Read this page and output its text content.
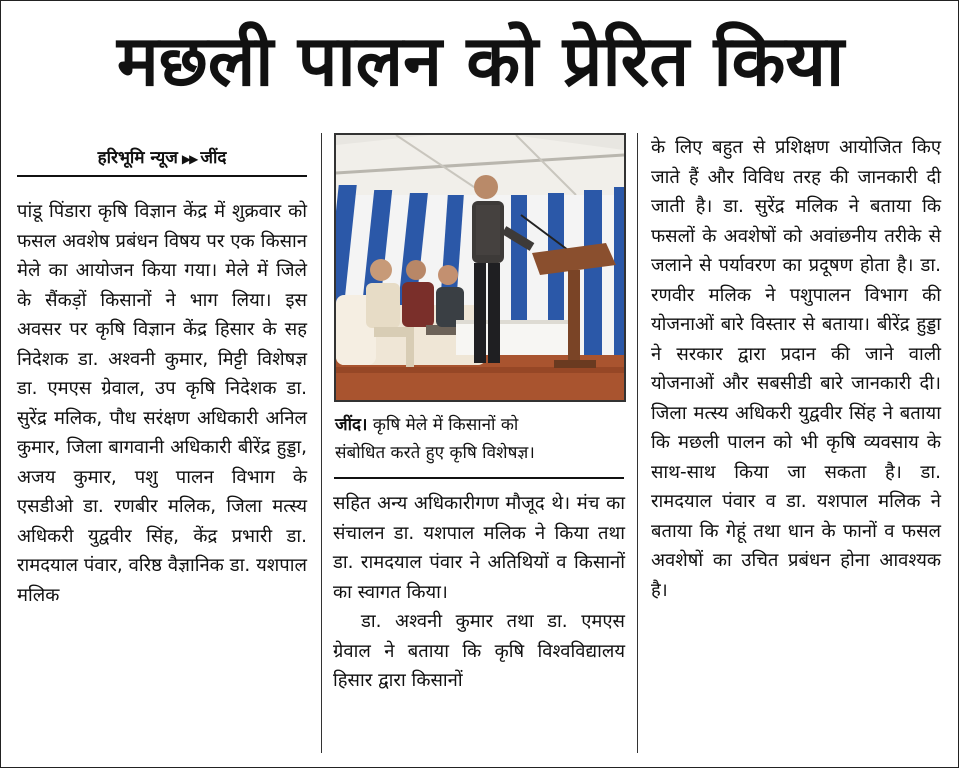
मछली पालन को प्रेरित किया
हरिभूमि न्यूज ▶▶ जींद

पांडू पिंडारा कृषि विज्ञान केंद्र में शुक्रवार को फसल अवशेष प्रबंधन विषय पर एक किसान मेले का आयोजन किया गया। मेले में जिले के सैंकड़ों किसानों ने भाग लिया। इस अवसर पर कृषि विज्ञान केंद्र हिसार के सह निदेशक डा. अश्वनी कुमार, मिट्टी विशेषज्ञ डा. एमएस ग्रेवाल, उप कृषि निदेशक डा. सुरेंद्र मलिक, पौध सरंक्षण अधिकारी अनिल कुमार, जिला बागवानी अधिकारी बीरेंद्र हुड्डा, अजय कुमार, पशु पालन विभाग के एसडीओ डा. रणबीर मलिक, जिला मत्स्य अधिकरी युद्ववीर सिंह, केंद्र प्रभारी डा. रामदयाल पंवार, वरिष्ठ वैज्ञानिक डा. यशपाल मलिक

जींद। कृषि मेले में किसानों को
संबोधित करते हुए कृषि विशेषज्ञ।

सहित अन्य अधिकारीगण मौजूद थे। मंच का संचालन डा. यशपाल मलिक ने किया तथा डा. रामदयाल पंवार ने अतिथियों व किसानों का स्वागत किया।

डा. अश्वनी कुमार तथा डा. एमएस ग्रेवाल ने बताया कि कृषि विश्वविद्यालय हिसार द्वारा किसानों

के लिए बहुत से प्रशिक्षण आयोजित किए जाते हैं और विविध तरह की जानकारी दी जाती है। डा. सुरेंद्र मलिक ने बताया कि फसलों के अवशेषों को अवांछनीय तरीके से जलाने से पर्यावरण का प्रदूषण होता है। डा. रणवीर मलिक ने पशुपालन विभाग की योजनाओं बारे विस्तार से बताया। बीरेंद्र हुड्डा ने सरकार द्वारा प्रदान की जाने वाली योजनाओं और सबसीडी बारे जानकारी दी। जिला मत्स्य अधिकरी युद्ववीर सिंह ने बताया कि मछली पालन को भी कृषि व्यवसाय के साथ-साथ किया जा सकता है। डा. रामदयाल पंवार व डा. यशपाल मलिक ने बताया कि गेहूं तथा धान के फानों व फसल अवशेषों का उचित प्रबंधन होना आवश्यक है।
